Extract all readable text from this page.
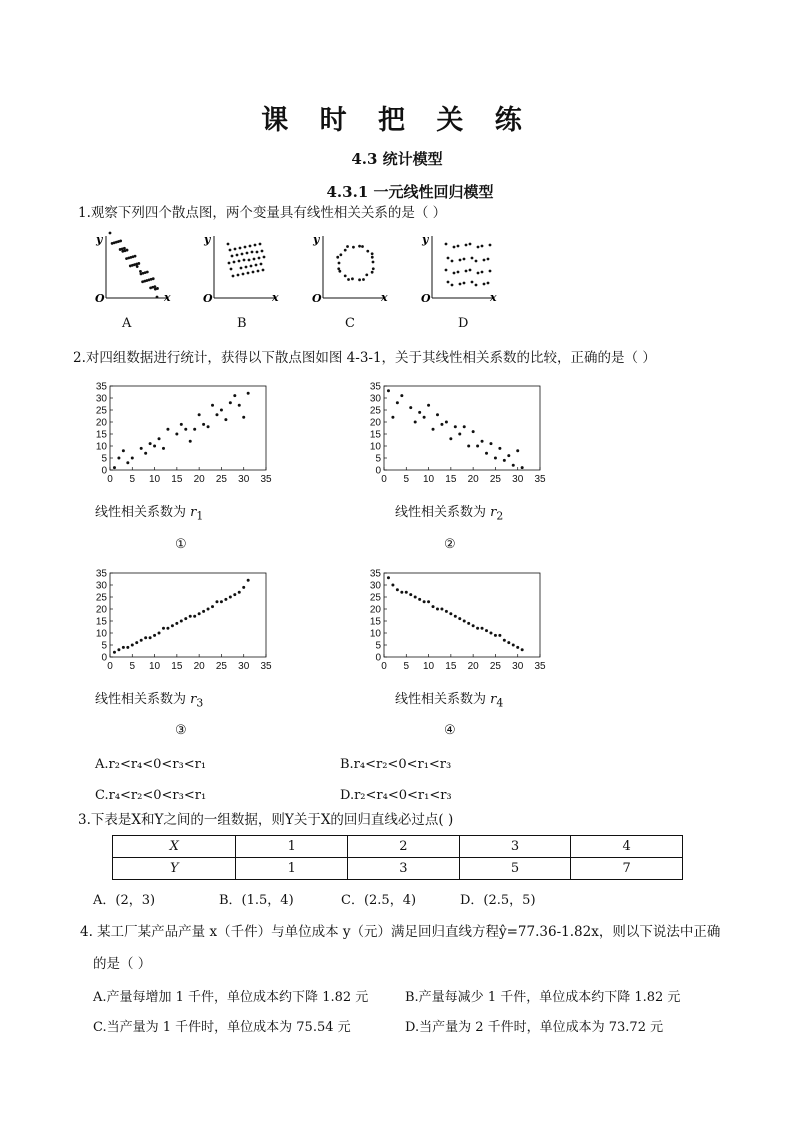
课 时 把 关 练
4.3 统计模型
4.3.1 一元线性回归模型
1.观察下列四个散点图，两个变量具有线性相关关系的是（ ）
y
x
O
y
x
O
y
x
O
y
x
O
A	B	C	D
2.对四组数据进行统计，获得以下散点图如图 4-3-1，关于其线性相关系数的比较，正确的是（ ）
0
5
10
15
20
25
30
35
0 5 10 15 20 25 30 35
0
5
10
15
20
25
30
35
0 5 10 15 20 25 30 35
0
5
10
15
20
25
30
35
0 5 10 15 20 25 30 35
0
5
10
15
20
25
30
35
0 5 10 15 20 25 30 35
线性相关系数为 $r_1$	线性相关系数为 $r_2$
①	②
线性相关系数为 $r_3$	线性相关系数为 $r_4$
③	④
A.r₂<r₄<0<r₃<r₁	B.r₄<r₂<0<r₁<r₃
C.r₄<r₂<0<r₃<r₁	D.r₂<r₄<0<r₁<r₃
3.下表是X和Y之间的一组数据，则Y关于X的回归直线必过点( )
X	1	2	3	4
Y	1	3	5	7
A．(2，3)	B．(1.5，4)	C．(2.5，4)	D．(2.5，5)
4. 某工厂某产品产量 x（千件）与单位成本 y（元）满足回归直线方程ŷ=77.36-1.82x，则以下说法中正确
的是（ ）
A.产量每增加 1 千件，单位成本约下降 1.82 元	B.产量每减少 1 千件，单位成本约下降 1.82 元
C.当产量为 1 千件时，单位成本为 75.54 元	D.当产量为 2 千件时，单位成本为 73.72 元
